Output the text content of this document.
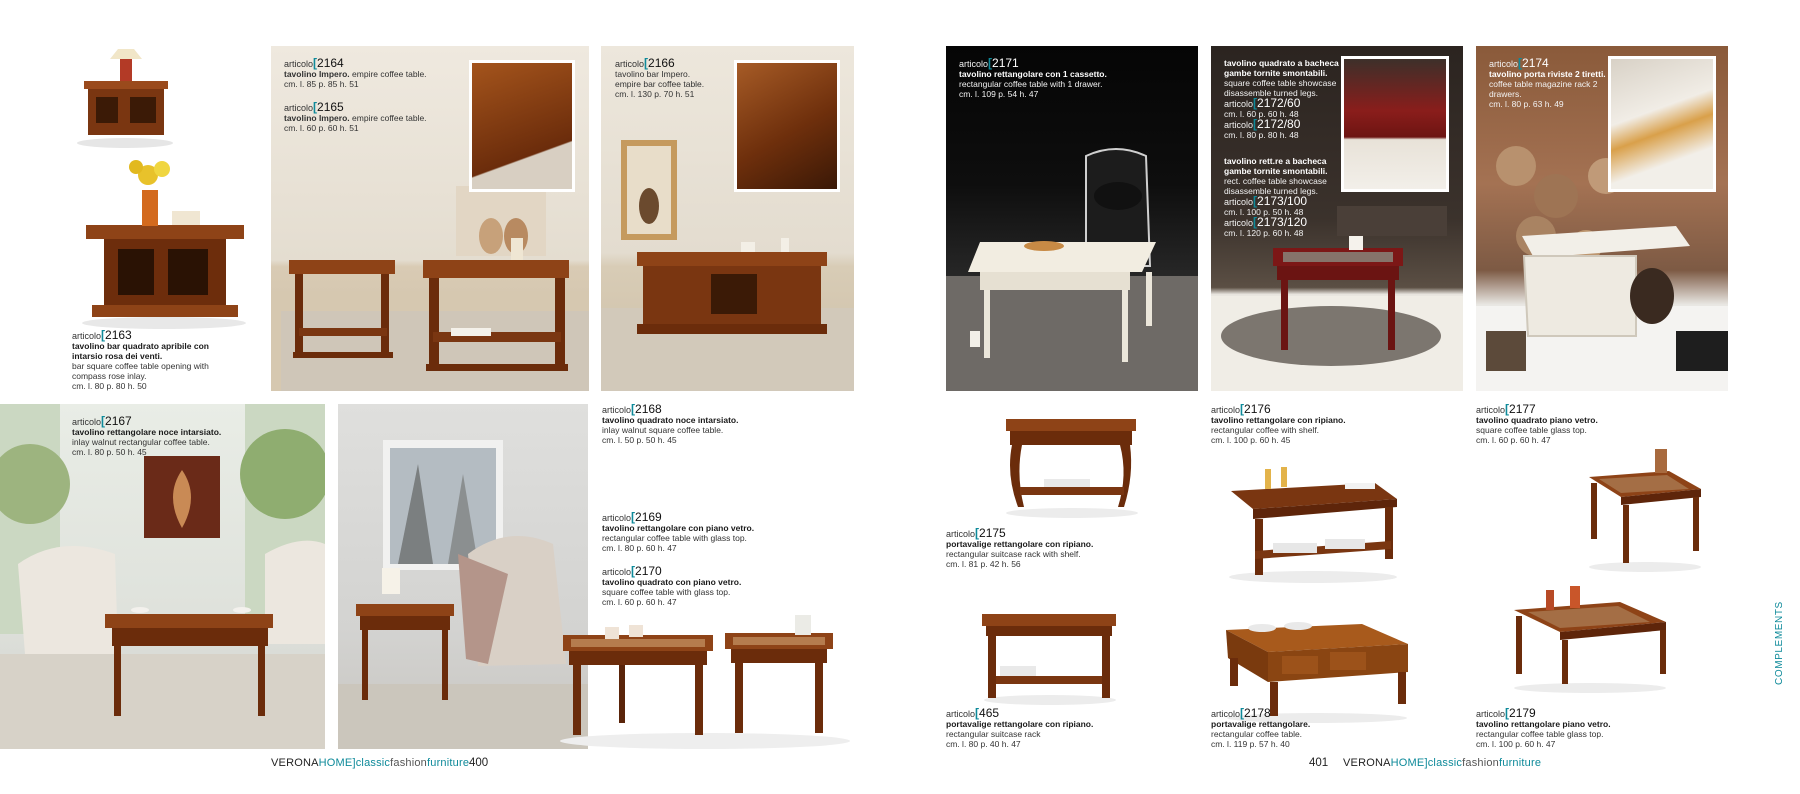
articolo [ 2163
tavolino bar quadrato apribile con intarsio rosa dei venti.
bar square coffee table opening with compass rose inlay.
cm. l. 80 p. 80 h. 50
articolo [ 2164
tavolino Impero. empire coffee table.
cm. l. 85 p. 85 h. 51
articolo [ 2165
tavolino Impero. empire coffee table.
cm. l. 60 p. 60 h. 51
articolo [ 2166
tavolino bar Impero.
empire bar coffee table.
cm. l. 130 p. 70 h. 51
articolo [ 2167
tavolino rettangolare noce intarsiato.
inlay walnut rectangular coffee table.
cm. l. 80 p. 50 h. 45
articolo [ 2168
tavolino quadrato noce intarsiato.
inlay walnut square coffee table.
cm. l. 50 p. 50 h. 45
articolo [ 2169
tavolino rettangolare con piano vetro.
rectangular coffee table with glass top.
cm. l. 80 p. 60 h. 47
articolo [ 2170
tavolino quadrato con piano vetro.
square coffee table with glass top.
cm. l. 60 p. 60 h. 47
VERONAHOME]classicfashionfurniture 400
articolo [ 2171
tavolino rettangolare con 1 cassetto.
rectangular coffee table with 1 drawer.
cm. l. 109 p. 54 h. 47
tavolino quadrato a bacheca gambe tornite smontabili.
square coffee table showcase disassemble turned legs.
articolo [ 2172/60
cm. l. 60 p. 60 h. 48
articolo [ 2172/80
cm. l. 80 p. 80 h. 48
tavolino rett.re a bacheca gambe tornite smontabili.
rect. coffee table showcase disassemble turned legs.
articolo [ 2173/100
cm. l. 100 p. 50 h. 48
articolo [ 2173/120
cm. l. 120 p. 60 h. 48
articolo [ 2174
tavolino porta riviste 2 tiretti.
coffee table magazine rack 2 drawers.
cm. l. 80 p. 63 h. 49
articolo [ 2175
portavalige rettangolare con ripiano.
rectangular suitcase rack with shelf.
cm. l. 81 p. 42 h. 56
articolo [ 465
portavalige rettangolare con ripiano.
rectangular suitcase rack
cm. l. 80 p. 40 h. 47
articolo [ 2176
tavolino rettangolare con ripiano.
rectangular coffee with shelf.
cm. l. 100 p. 60 h. 45
articolo [ 2177
tavolino quadrato piano vetro.
square coffee table glass top.
cm. l. 60 p. 60 h. 47
articolo [ 2178
portavalige rettangolare.
rectangular coffee table.
cm. l. 119 p. 57 h. 40
articolo [ 2179
tavolino rettangolare piano vetro.
rectangular coffee table glass top.
cm. l. 100 p. 60 h. 47
401 VERONAHOME]classicfashionfurniture
COMPLEMENTS
